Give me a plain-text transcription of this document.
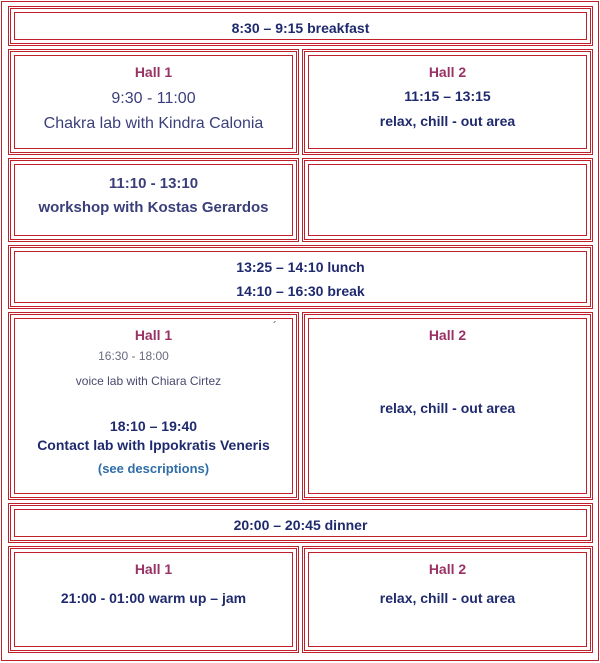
8:30 – 9:15 breakfast
Hall 1
9:30 - 11:00
Chakra lab with Kindra Calonia
Hall 2
11:15 – 13:15
relax, chill - out area
11:10 - 13:10
workshop with Kostas Gerardos
13:25 – 14:10 lunch
14:10 – 16:30 break
Hall 1
´
16:30 - 18:00
voice lab with Chiara Cirtez
18:10 – 19:40
Contact lab with Ippokratis Veneris
(see descriptions)
Hall 2
relax, chill - out area
20:00 – 20:45 dinner
Hall 1
21:00 - 01:00 warm up – jam
Hall 2
relax, chill - out area
